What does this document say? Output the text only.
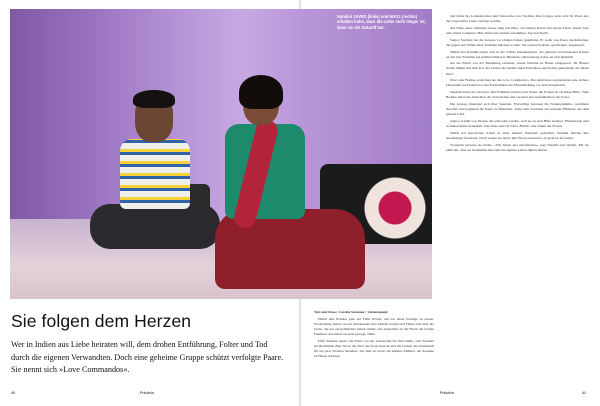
Nandini JAVED (links) und NIA11 (rechts) erhalten hohe, dass die Liebe nicht länger ist, dass sie die Zukunft hat.
Sie folgen dem Herzen

Wer in Indien aus Liebe heiraten will, dem drohen Entführung, Folter und Tod

durch die eigenen Verwandten. Doch eine geheime Gruppe schützt verfolgte Paare.

Sie nennt sich »Love Commandos«.

Text und Fotos: Carolin Stemmer / Zeitenspiegel

Nikhil und Nandini geht der Fülle Wörter, um nur leben Vorzüge zu lassen. Wochenlang hatten sie nur miteinander ihre kleinen Köpfe und Fäden sich über die Liebe, die nur ein heimliches Glück erhielt, alle Ansprüche an die Eltern der beiden Familien, das haben sie jetzt gewagt, Nähe.

Fünf Stunden dauert die Fahrt von der Landstraße bis Neu Delhi, acht Stunden im überfüllten Bus, bevor das Paar die Stadt erreicht und die Lieben die Unterkunft für ein paar Wochen beziehen. Sie sind zu zweit, ein kleines Zimmer, der Kontakt zu Hause erkalten.

und Kläre die Lebensformen und Netzwerke von Nachbar. Ihre Gruppe setzt sich für Paare ein, die wegen ihrer Liebe verfolgt werden.

Am Ende einer schmalen Gasse liegt das Büro, ein kleiner Raum mit einem Tisch, einem Sofa und einem Computer. Hier laufen die Anrufe zusammen, Tag und Nacht.

Sanjoy Sachdev hat die Gruppe vor einigen Jahren gegründet. Er weiß, was Paare durchmachen, die gegen den Willen ihrer Familien heiraten wollen. Sie werden bedroht, geschlagen, eingesperrt.

Nikhil und Nandini haben sich in der Schule kennengelernt. Sie gehören verschiedenen Kasten an, für ihre Familien ein unüberwindbares Hindernis. Monatelang trafen sie sich heimlich.

Als die Eltern von der Beziehung erfuhren, wurde Nandini zu Hause eingesperrt. Ihr Bruder drohte Nikhil mit dem Tod. Da fassten die beiden einen Entschluss und flohen gemeinsam aus ihrem Dorf.

Über eine Hotline erreichten sie die Love Commandos. Die Aktivisten organisierten eine sichere Unterkunft und halfen bei den Formalitäten der Eheschließung vor dem Standesamt.

Seitdem leben sie versteckt. Ihre Familien suchen nach ihnen, die Polizei ist oft keine Hilfe. Viele Beamte teilen die Ansichten der Verwandten und verraten den Aufenthaltsort der Paare.

Die Gruppe finanziert sich über Spenden. Freiwillige betreuen die Notunterkünfte, vermitteln Anwälte und begleiten die Paare zu Behörden. Jedes Jahr erreichen sie tausende Hilferufe aus dem ganzen Land.

Sanjoy erzählt von Paaren, die ermordet wurden, weil sie zu spät Hilfe suchten. Ehrenmorde sind in Indien keine Seltenheit. Die Täter sind oft Väter, Brüder oder Onkel der Frauen.

Nikhil hat inzwischen Arbeit in einer kleinen Werkstatt gefunden. Nandini möchte ihre Ausbildung fortsetzen. Noch wagen sie nicht, ihre Eltern anzurufen, zu groß ist die Angst.

Trotzdem bereuen sie nichts. »Wir haben uns entschieden«, sagt Nandini und lächelt. Für sie zählt nur, dass sie zusammen sind und ein eigenes Leben führen dürfen.

40	Fräulein	Fräulein	41
